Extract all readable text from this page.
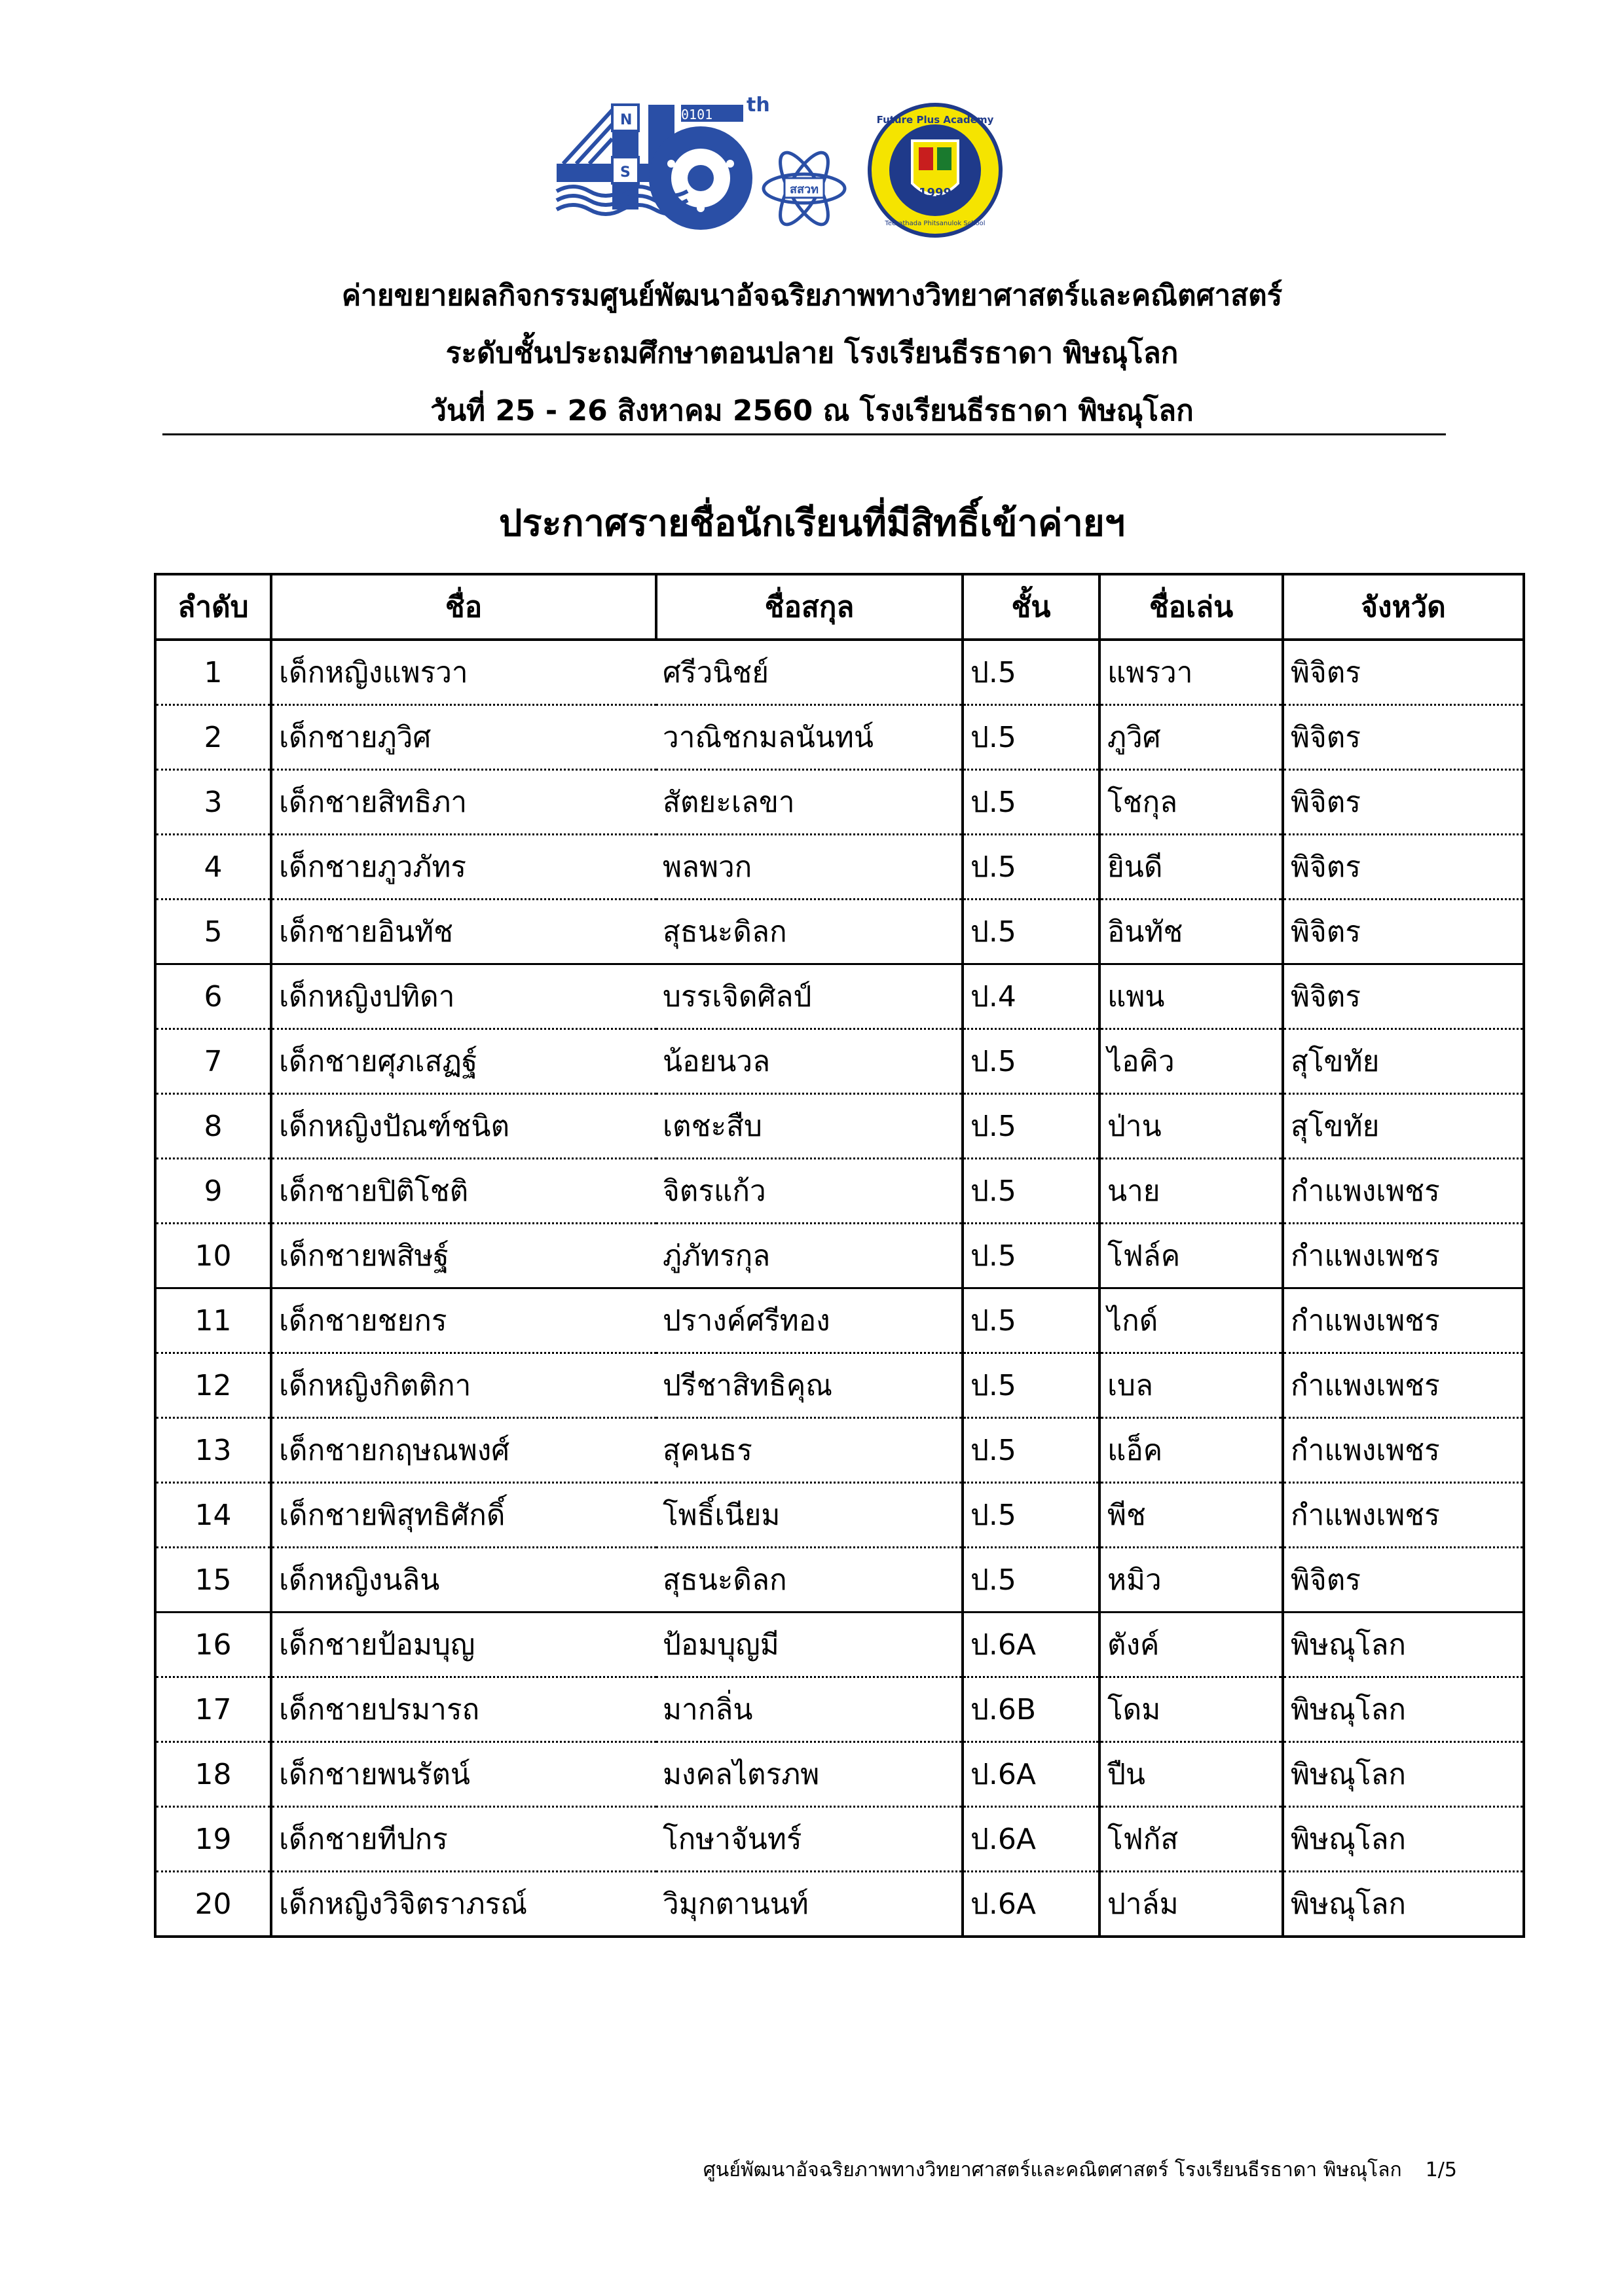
N
S
0101 th
สสวท	1999
Future Plus Academy
Teerathada Phitsanulok School
ค่ายขยายผลกิจกรรมศูนย์พัฒนาอัจฉริยภาพทางวิทยาศาสตร์และคณิตศาสตร์
ระดับชั้นประถมศึกษาตอนปลาย โรงเรียนธีรธาดา พิษณุโลก
วันที่ 25 - 26 สิงหาคม 2560 ณ โรงเรียนธีรธาดา พิษณุโลก
ประกาศรายชื่อนักเรียนที่มีสิทธิ์เข้าค่ายฯ
ลำดับ	ชื่อ	ชื่อสกุล	ชั้น	ชื่อเล่น	จังหวัด
1	เด็กหญิงแพรวา	ศรีวนิชย์	ป.5	แพรวา	พิจิตร
2	เด็กชายภูวิศ	วาณิชกมลนันทน์	ป.5	ภูวิศ	พิจิตร
3	เด็กชายสิทธิภา	สัตยะเลขา	ป.5	โชกุล	พิจิตร
4	เด็กชายภูวภัทร	พลพวก	ป.5	ยินดี	พิจิตร
5	เด็กชายอินทัช	สุธนะดิลก	ป.5	อินทัช	พิจิตร
6	เด็กหญิงปทิดา	บรรเจิดศิลป์	ป.4	แพน	พิจิตร
7	เด็กชายศุภเสฏฐ์	น้อยนวล	ป.5	ไอคิว	สุโขทัย
8	เด็กหญิงปัณฑ์ชนิต	เตชะสืบ	ป.5	ป่าน	สุโขทัย
9	เด็กชายปิติโชติ	จิตรแก้ว	ป.5	นาย	กำแพงเพชร
10	เด็กชายพสิษฐ์	ภู่ภัทรกุล	ป.5	โฟล์ค	กำแพงเพชร
11	เด็กชายชยกร	ปรางค์ศรีทอง	ป.5	ไกด์	กำแพงเพชร
12	เด็กหญิงกิตติกา	ปรีชาสิทธิคุณ	ป.5	เบล	กำแพงเพชร
13	เด็กชายกฤษณพงศ์	สุคนธร	ป.5	แอ็ค	กำแพงเพชร
14	เด็กชายพิสุทธิศักดิ์	โพธิ์เนียม	ป.5	พีช	กำแพงเพชร
15	เด็กหญิงนลิน	สุธนะดิลก	ป.5	หมิว	พิจิตร
16	เด็กชายป้อมบุญ	ป้อมบุญมี	ป.6A	ตังค์	พิษณุโลก
17	เด็กชายปรมารถ	มากลิ่น	ป.6B	โดม	พิษณุโลก
18	เด็กชายพนรัตน์	มงคลไตรภพ	ป.6A	ปืน	พิษณุโลก
19	เด็กชายทีปกร	โกษาจันทร์	ป.6A	โฟกัส	พิษณุโลก
20	เด็กหญิงวิจิตราภรณ์	วิมุกตานนท์	ป.6A	ปาล์ม	พิษณุโลก
ศูนย์พัฒนาอัจฉริยภาพทางวิทยาศาสตร์และคณิตศาสตร์ โรงเรียนธีรธาดา พิษณุโลก 1/5
